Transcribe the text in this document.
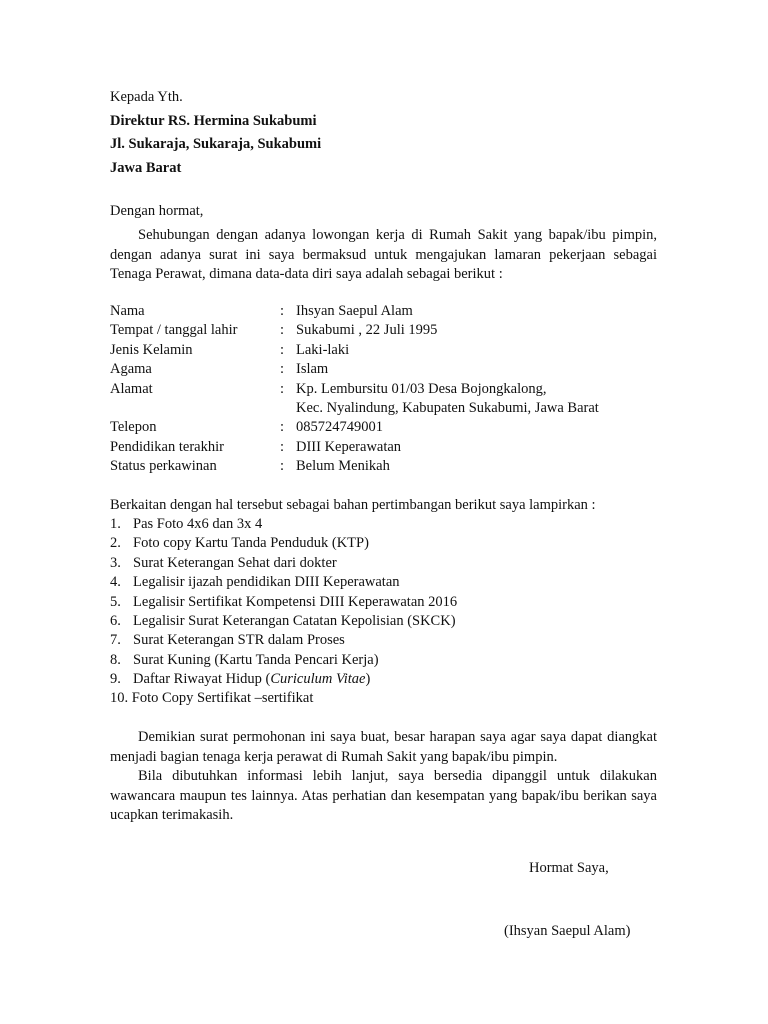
Kepada Yth.
Direktur RS. Hermina Sukabumi
Jl. Sukaraja, Sukaraja, Sukabumi
Jawa Barat
Dengan hormat,

Sehubungan dengan adanya lowongan kerja di Rumah Sakit yang bapak/ibu pimpin, dengan adanya surat ini saya bermaksud untuk mengajukan lamaran pekerjaan sebagai Tenaga Perawat, dimana data-data diri saya adalah sebagai berikut :

Nama	: Ihsyan Saepul Alam
Tempat / tanggal lahir	: Sukabumi , 22 Juli 1995
Jenis Kelamin	: Laki-laki
Agama	: Islam
Alamat	: Kp. Lembursitu 01/03 Desa Bojongkalong,
Kec. Nyalindung, Kabupaten Sukabumi, Jawa Barat
Telepon	: 085724749001
Pendidikan terakhir	: DIII Keperawatan
Status perkawinan	: Belum Menikah
Berkaitan dengan hal tersebut sebagai bahan pertimbangan berikut saya lampirkan :
1. Pas Foto 4x6 dan 3x 4
2. Foto copy Kartu Tanda Penduduk (KTP)
3. Surat Keterangan Sehat dari dokter
4. Legalisir ijazah pendidikan DIII Keperawatan
5. Legalisir Sertifikat Kompetensi DIII Keperawatan 2016
6. Legalisir Surat Keterangan Catatan Kepolisian (SKCK)
7. Surat Keterangan STR dalam Proses
8. Surat Kuning (Kartu Tanda Pencari Kerja)
9. Daftar Riwayat Hidup (Curiculum Vitae)
10. Foto Copy Sertifikat –sertifikat

Demikian surat permohonan ini saya buat, besar harapan saya agar saya dapat diangkat menjadi bagian tenaga kerja perawat di Rumah Sakit yang bapak/ibu pimpin.

Bila dibutuhkan informasi lebih lanjut, saya bersedia dipanggil untuk dilakukan wawancara maupun tes lainnya. Atas perhatian dan kesempatan yang bapak/ibu berikan saya ucapkan terimakasih.

Hormat Saya,
(Ihsyan Saepul Alam)
